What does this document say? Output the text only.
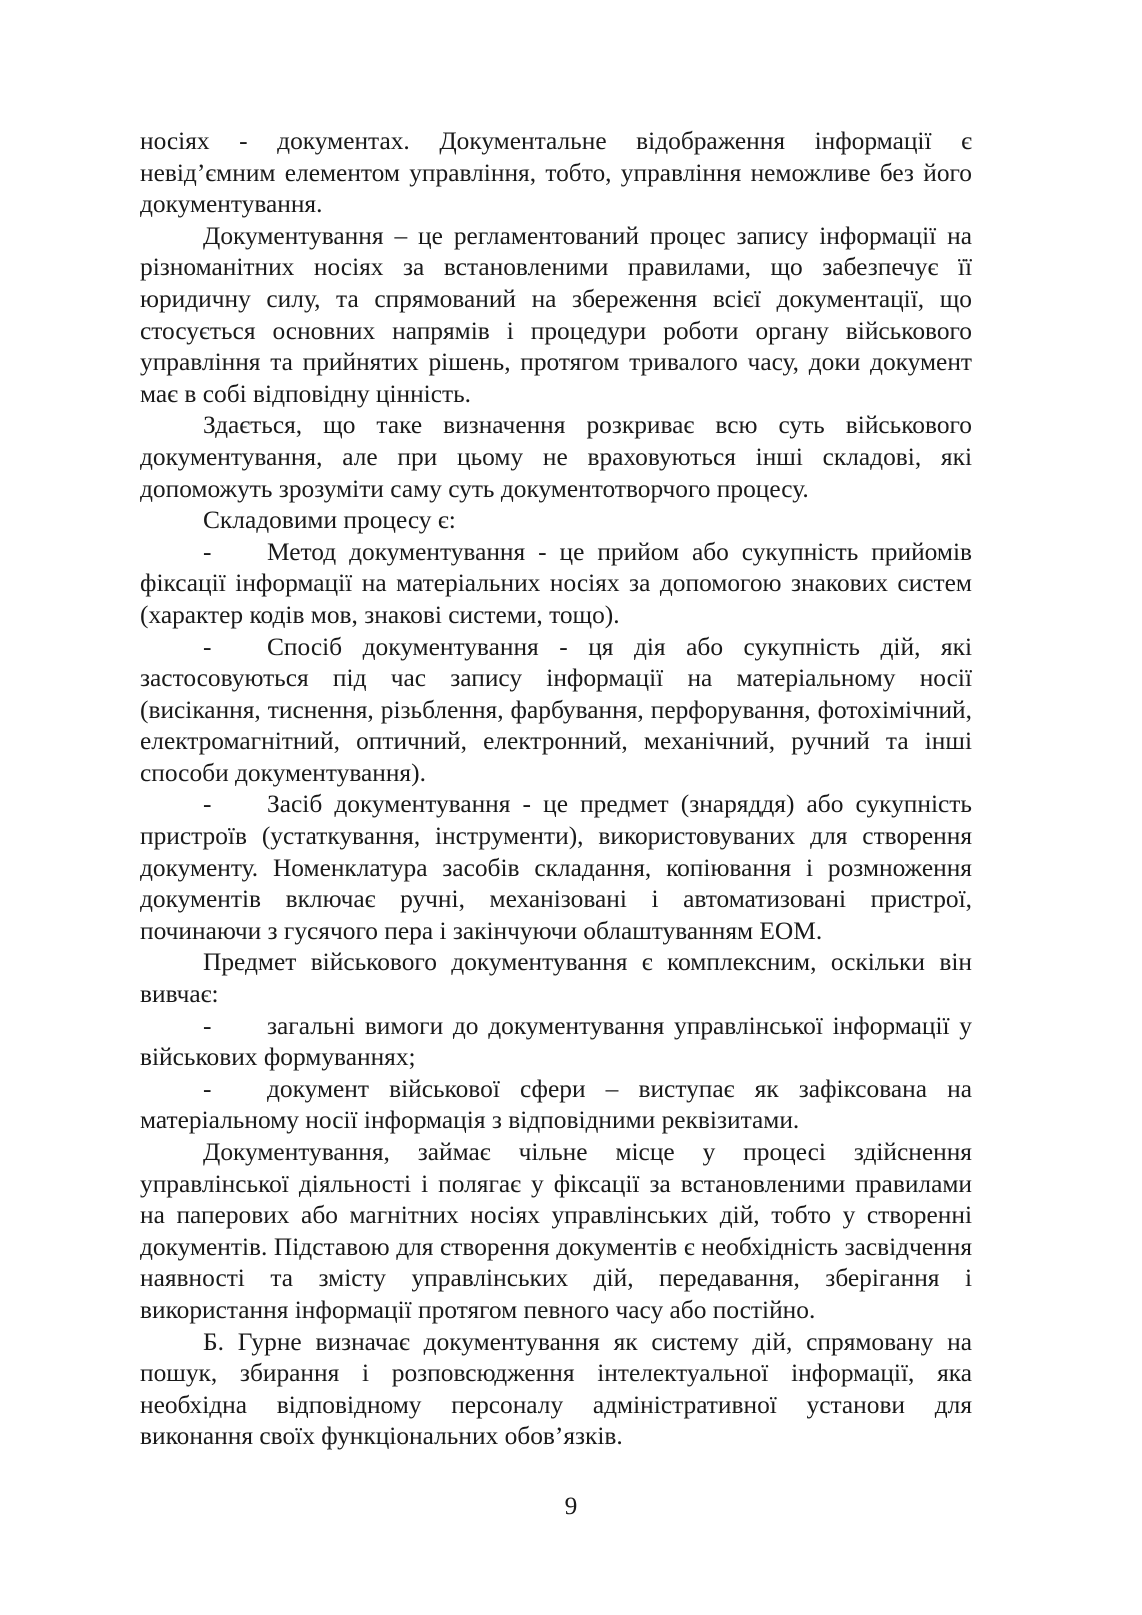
носіях - документах. Документальне відображення інформації є невід’ємним елементом управління, тобто, управління неможливе без його документування.

Документування – це регламентований процес запису інформації на різноманітних носіях за встановленими правилами, що забезпечує її юридичну силу, та спрямований на збереження всієї документації, що стосується основних напрямів і процедури роботи органу військового управління та прийнятих рішень, протягом тривалого часу, доки документ має в собі відповідну цінність.

Здається, що таке визначення розкриває всю суть військового документування, але при цьому не враховуються інші складові, які допоможуть зрозуміти саму суть документотворчого процесу.

Складовими процесу є:

- Метод документування - це прийом або сукупність прийомів фіксації інформації на матеріальних носіях за допомогою знакових систем (характер кодів мов, знакові системи, тощо).

- Спосіб документування - ця дія або сукупність дій, які застосовуються під час запису інформації на матеріальному носії (висікання, тиснення, різьблення, фарбування, перфорування, фотохімічний, електромагнітний, оптичний, електронний, механічний, ручний та інші способи документування).

- Засіб документування - це предмет (знаряддя) або сукупність пристроїв (устаткування, інструменти), використовуваних для створення документу. Номенклатура засобів складання, копіювання і розмноження документів включає ручні, механізовані і автоматизовані пристрої, починаючи з гусячого пера і закінчуючи облаштуванням ЕОМ.

Предмет військового документування є комплексним, оскільки він вивчає:

- загальні вимоги до документування управлінської інформації у військових формуваннях;

- документ військової сфери – виступає як зафіксована на матеріальному носії інформація з відповідними реквізитами.

Документування, займає чільне місце у процесі здійснення управлінської діяльності і полягає у фіксації за встановленими правилами на паперових або магнітних носіях управлінських дій, тобто у створенні документів. Підставою для створення документів є необхідність засвідчення наявності та змісту управлінських дій, передавання, зберігання і використання інформації протягом певного часу або постійно.

Б. Гурне визначає документування як систему дій, спрямовану на пошук, збирання і розповсюдження інтелектуальної інформації, яка необхідна відповідному персоналу адміністративної установи для виконання своїх функціональних обов’язків.

9
